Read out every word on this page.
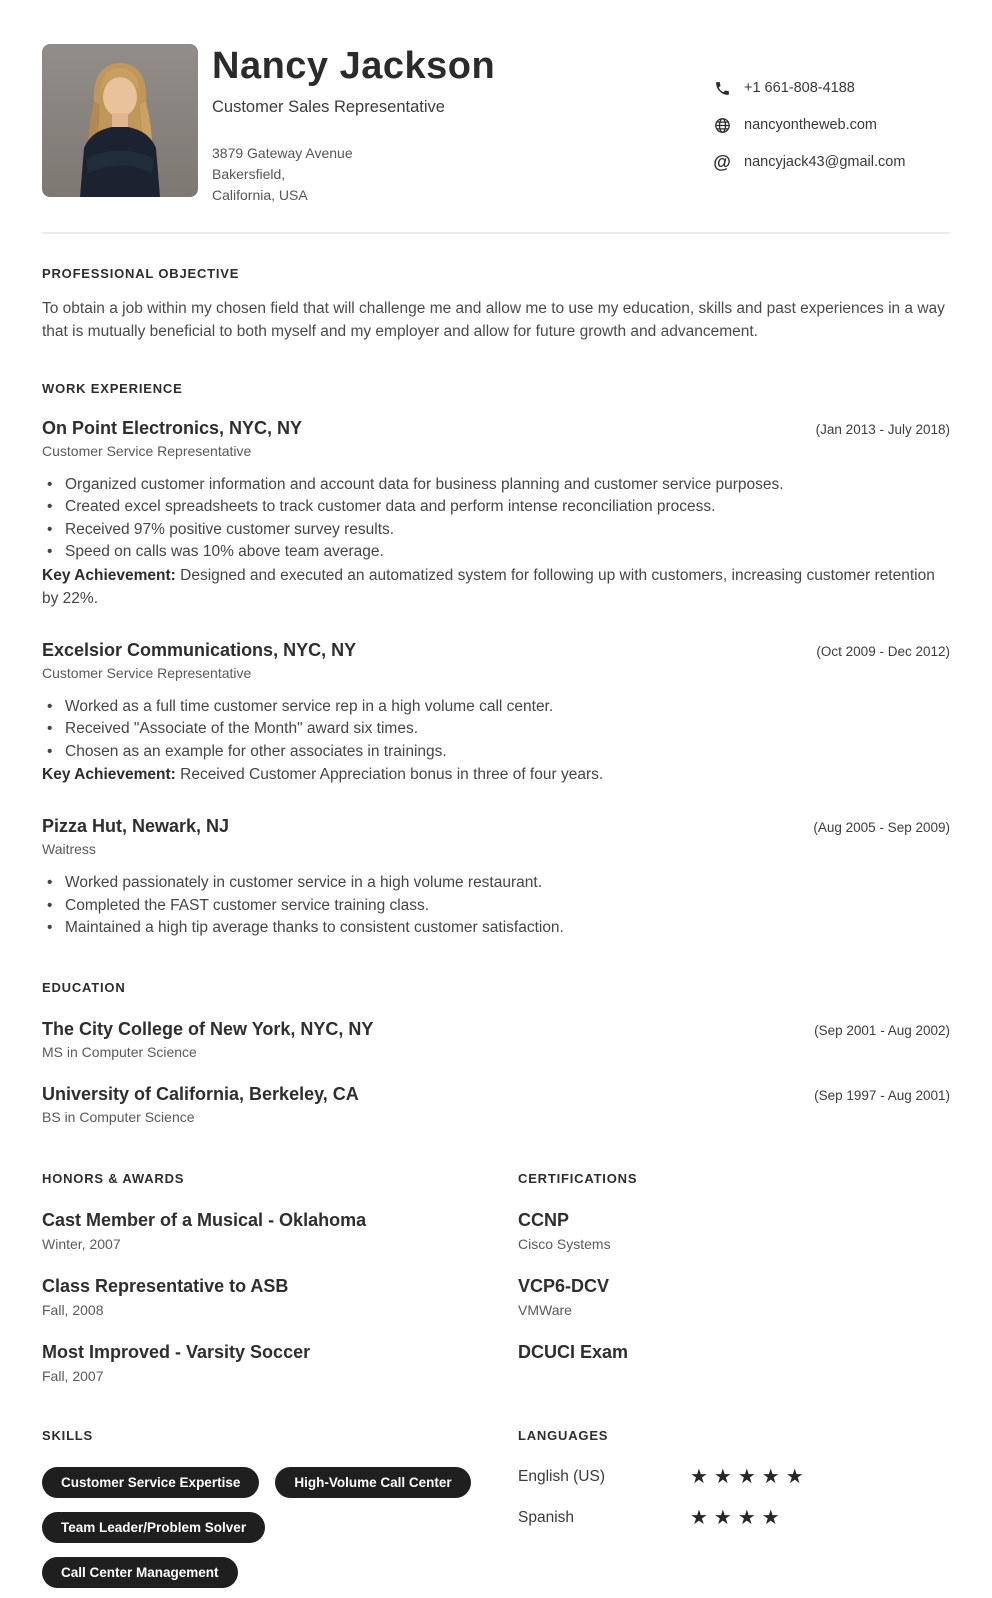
Nancy Jackson
Customer Sales Representative
3879 Gateway Avenue
Bakersfield,
California, USA
+1 661-808-4188
nancyontheweb.com
@ nancyjack43@gmail.com
PROFESSIONAL OBJECTIVE

To obtain a job within my chosen field that will challenge me and allow me to use my education, skills and past experiences in a way that is mutually beneficial to both myself and my employer and allow for future growth and advancement.

WORK EXPERIENCE
On Point Electronics, NYC, NY	(Jan 2013 - July 2018)
Customer Service Representative
• Organized customer information and account data for business planning and customer service purposes.
• Created excel spreadsheets to track customer data and perform intense reconciliation process.
• Received 97% positive customer survey results.
• Speed on calls was 10% above team average.

Key Achievement: Designed and executed an automatized system for following up with customers, increasing customer retention by 22%.

Excelsior Communications, NYC, NY	(Oct 2009 - Dec 2012)
Customer Service Representative
• Worked as a full time customer service rep in a high volume call center.
• Received "Associate of the Month" award six times.
• Chosen as an example for other associates in trainings.

Key Achievement: Received Customer Appreciation bonus in three of four years.

Pizza Hut, Newark, NJ	(Aug 2005 - Sep 2009)
Waitress
• Worked passionately in customer service in a high volume restaurant.
• Completed the FAST customer service training class.
• Maintained a high tip average thanks to consistent customer satisfaction.
EDUCATION
The City College of New York, NYC, NY	(Sep 2001 - Aug 2002)
MS in Computer Science
University of California, Berkeley, CA	(Sep 1997 - Aug 2001)
BS in Computer Science
HONORS & AWARDS
Cast Member of a Musical - Oklahoma
Winter, 2007
Class Representative to ASB
Fall, 2008
Most Improved - Varsity Soccer
Fall, 2007
CERTIFICATIONS
CCNP
Cisco Systems
VCP6-DCV
VMWare
DCUCI Exam
SKILLS
Customer Service Expertise	High-Volume Call Center
Team Leader/Problem Solver
Call Center Management
LANGUAGES
English (US)	★★★★★
Spanish	★★★★
